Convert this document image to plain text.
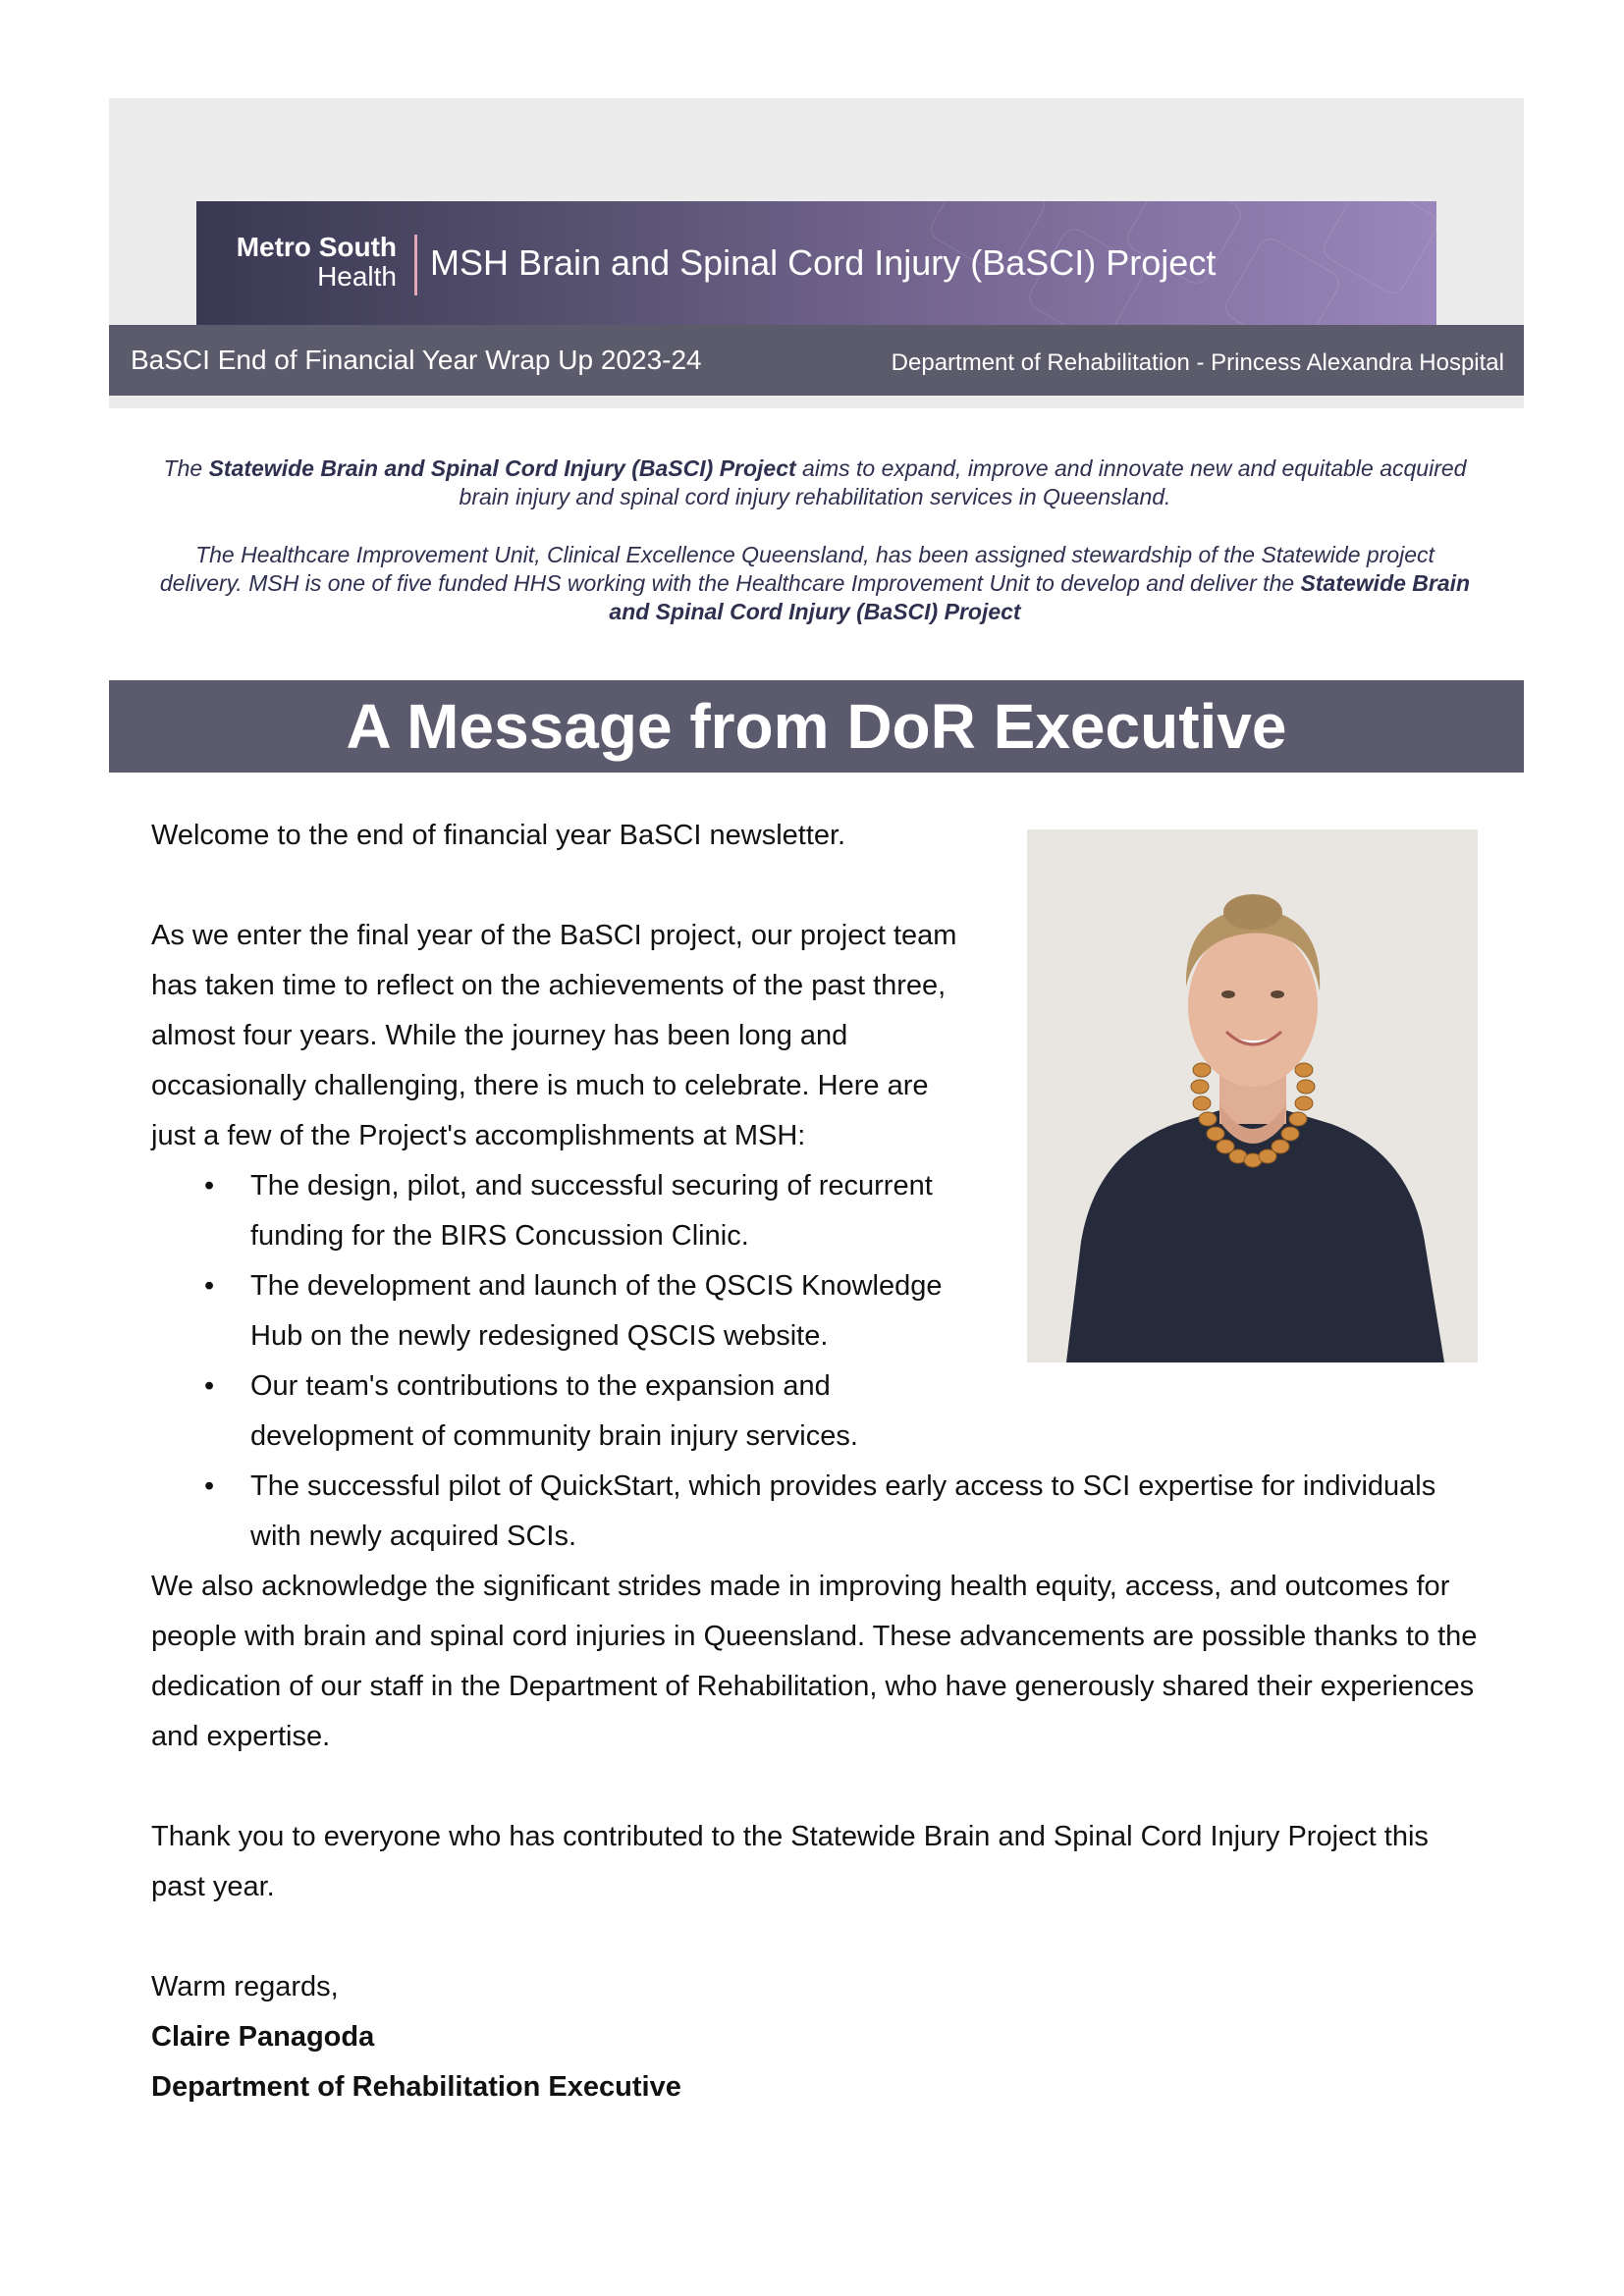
Metro South
Health MSH Brain and Spinal Cord Injury (BaSCI) Project
BaSCI End of Financial Year Wrap Up 2023-24	Department of Rehabilitation - Princess Alexandra Hospital
The Statewide Brain and Spinal Cord Injury (BaSCI) Project aims to expand, improve and innovate new and equitable acquired brain injury and spinal cord injury rehabilitation services in Queensland.
The Healthcare Improvement Unit, Clinical Excellence Queensland, has been assigned stewardship of the Statewide project delivery. MSH is one of five funded HHS working with the Healthcare Improvement Unit to develop and deliver the Statewide Brain and Spinal Cord Injury (BaSCI) Project
A Message from DoR Executive

Welcome to the end of financial year BaSCI newsletter.

As we enter the final year of the BaSCI project, our project team

has taken time to reflect on the achievements of the past three,

almost four years. While the journey has been long and

occasionally challenging, there is much to celebrate. Here are

just a few of the Project's accomplishments at MSH:

• The design, pilot, and successful securing of recurrent
funding for the BIRS Concussion Clinic.
• The development and launch of the QSCIS Knowledge
Hub on the newly redesigned QSCIS website.
• Our team's contributions to the expansion and
development of community brain injury services.
• The successful pilot of QuickStart, which provides early access to SCI expertise for individuals with newly acquired SCIs.

We also acknowledge the significant strides made in improving health equity, access, and outcomes for people with brain and spinal cord injuries in Queensland. These advancements are possible thanks to the dedication of our staff in the Department of Rehabilitation, who have generously shared their experiences and expertise.

Thank you to everyone who has contributed to the Statewide Brain and Spinal Cord Injury Project this past year.

Warm regards,

Claire Panagoda

Department of Rehabilitation Executive
